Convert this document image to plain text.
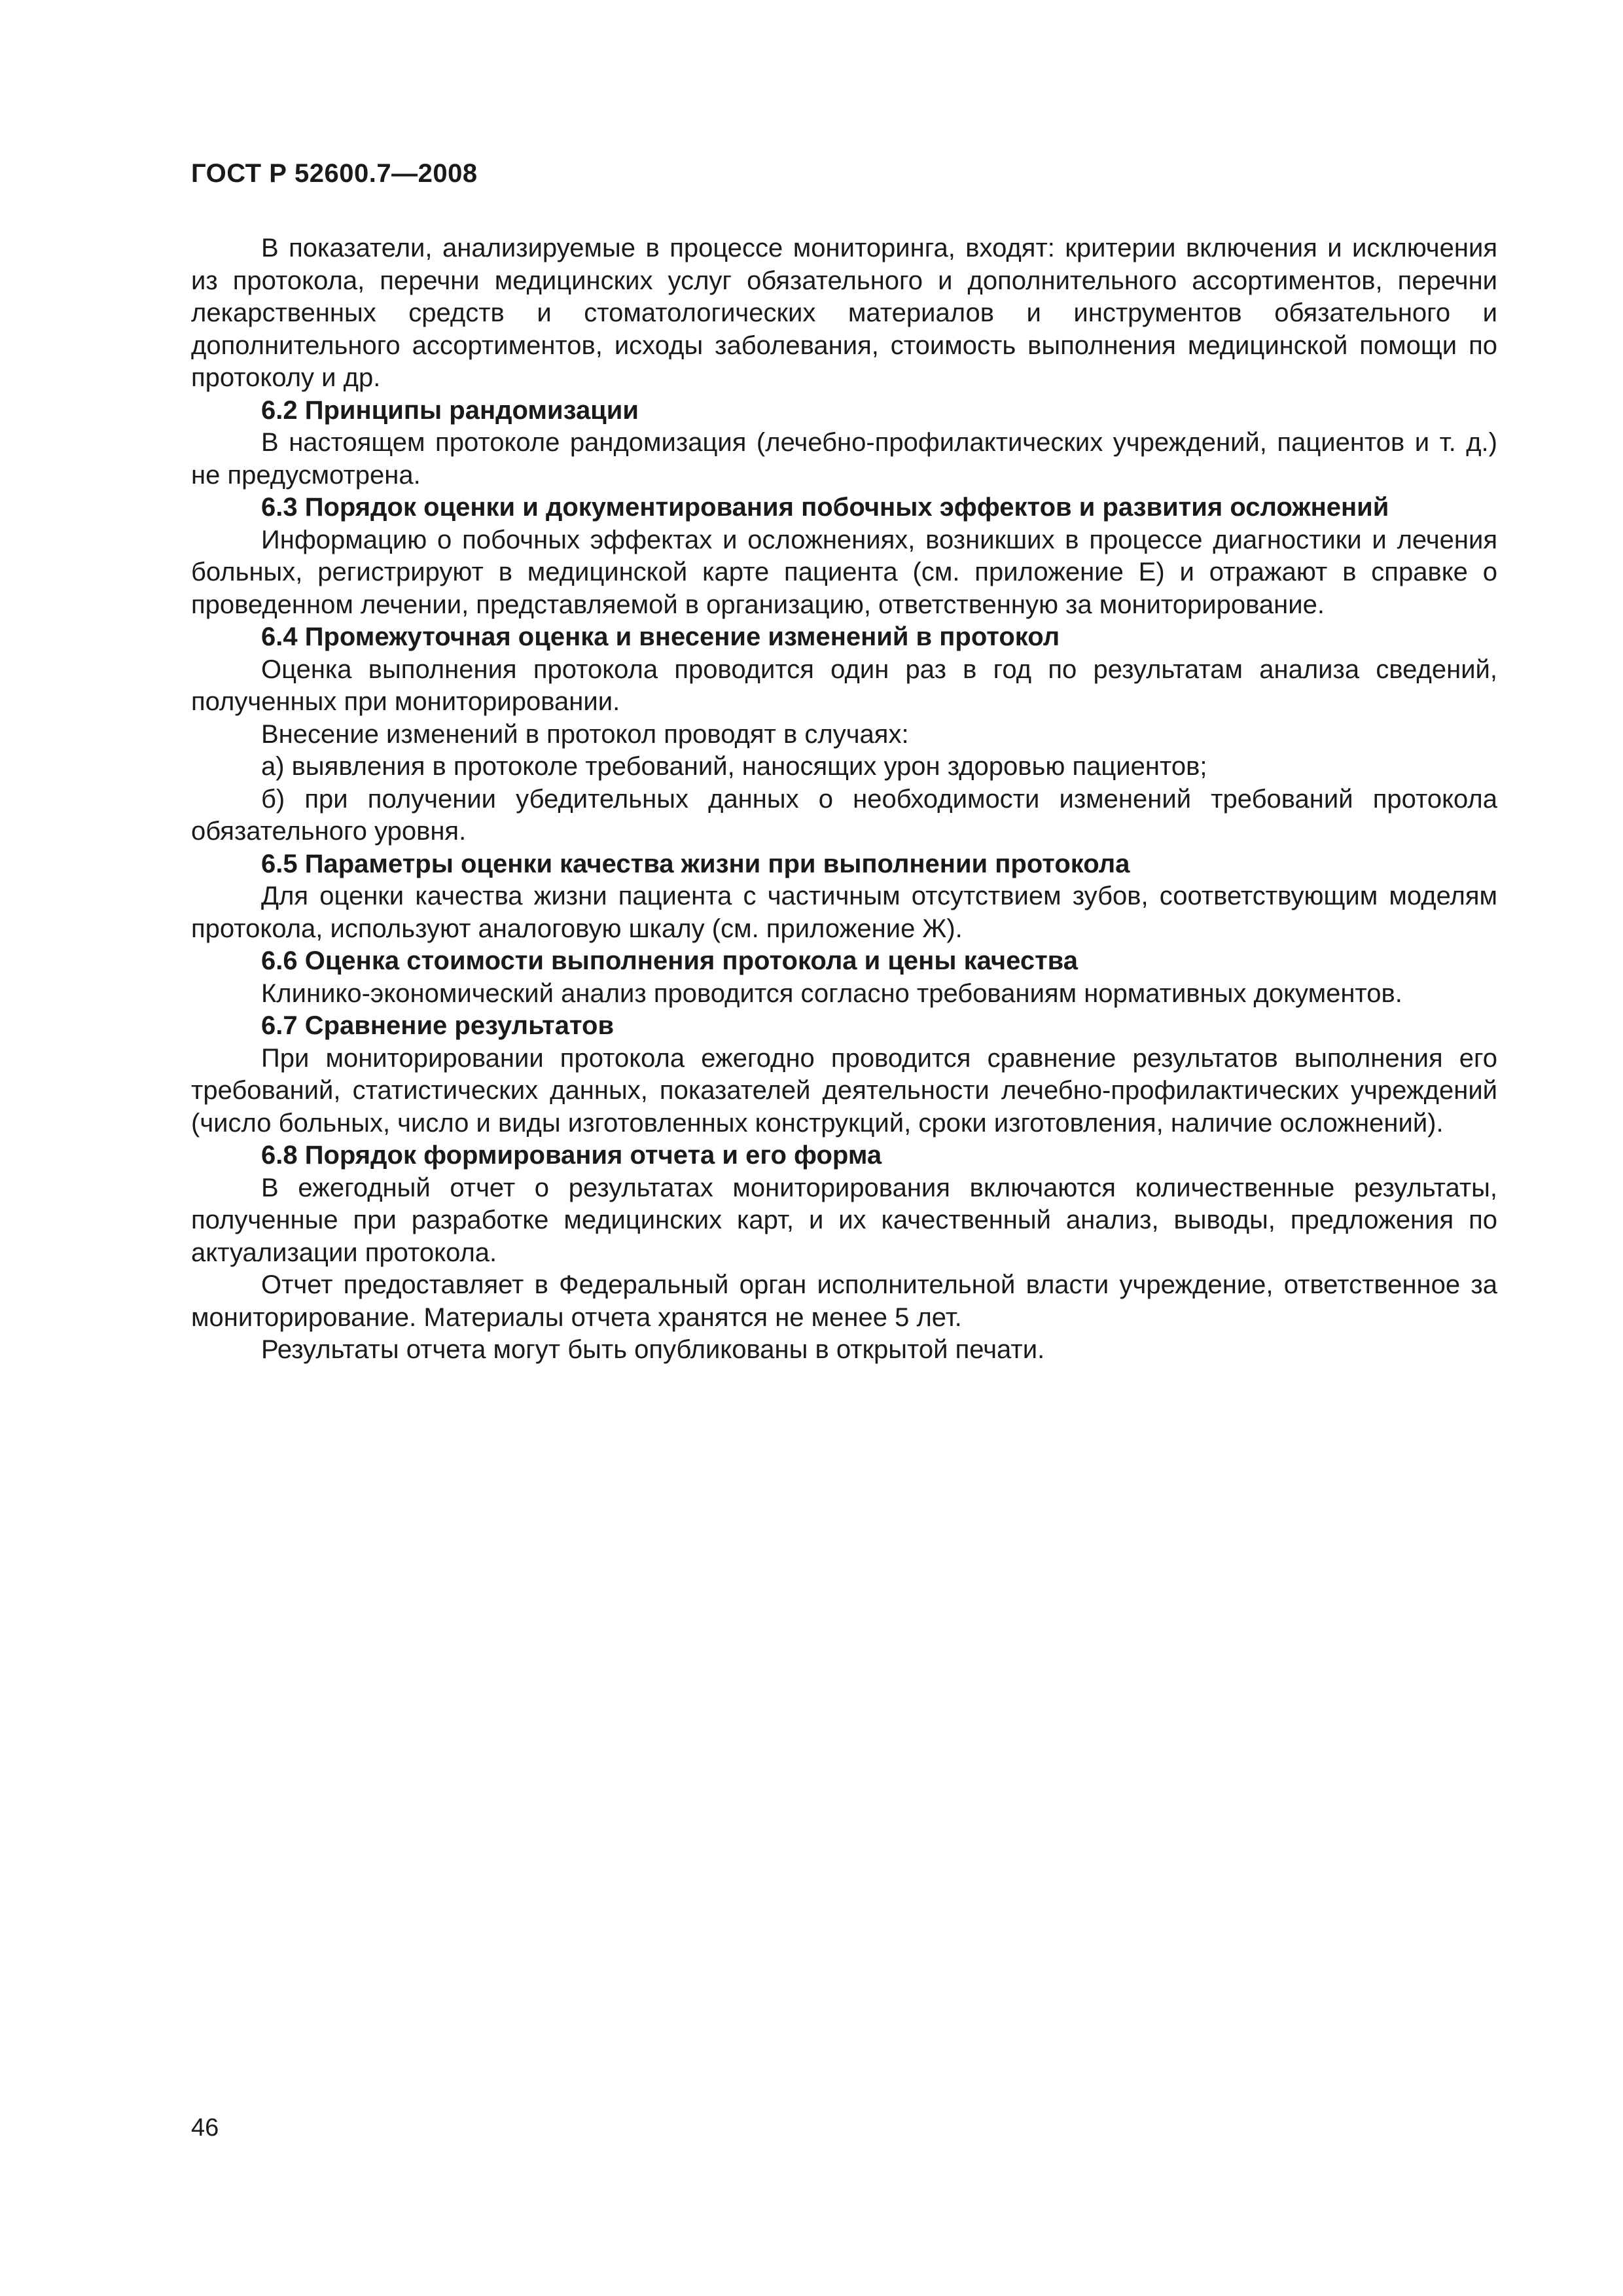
ГОСТ Р 52600.7—2008

В показатели, анализируемые в процессе мониторинга, входят: критерии включения и исключения из протокола, перечни медицинских услуг обязательного и дополнительного ассортиментов, перечни лекарственных средств и стоматологических материалов и инструментов обязательного и дополнительного ассортиментов, исходы заболевания, стоимость выполнения медицинской помощи по протоколу и др.

6.2 Принципы рандомизации

В настоящем протоколе рандомизация (лечебно-профилактических учреждений, пациентов и т. д.) не предусмотрена.

6.3 Порядок оценки и документирования побочных эффектов и развития осложнений

Информацию о побочных эффектах и осложнениях, возникших в процессе диагностики и лечения больных, регистрируют в медицинской карте пациента (см. приложение Е) и отражают в справке о проведенном лечении, представляемой в организацию, ответственную за мониторирование.

6.4 Промежуточная оценка и внесение изменений в протокол

Оценка выполнения протокола проводится один раз в год по результатам анализа сведений, полученных при мониторировании.

Внесение изменений в протокол проводят в случаях:

а) выявления в протоколе требований, наносящих урон здоровью пациентов;

б) при получении убедительных данных о необходимости изменений требований протокола обязательного уровня.

6.5 Параметры оценки качества жизни при выполнении протокола

Для оценки качества жизни пациента с частичным отсутствием зубов, соответствующим моделям протокола, используют аналоговую шкалу (см. приложение Ж).

6.6 Оценка стоимости выполнения протокола и цены качества

Клинико-экономический анализ проводится согласно требованиям нормативных документов.

6.7 Сравнение результатов

При мониторировании протокола ежегодно проводится сравнение результатов выполнения его требований, статистических данных, показателей деятельности лечебно-профилактических учреждений (число больных, число и виды изготовленных конструкций, сроки изготовления, наличие осложнений).

6.8 Порядок формирования отчета и его форма

В ежегодный отчет о результатах мониторирования включаются количественные результаты, полученные при разработке медицинских карт, и их качественный анализ, выводы, предложения по актуализации протокола.

Отчет предоставляет в Федеральный орган исполнительной власти учреждение, ответственное за мониторирование. Материалы отчета хранятся не менее 5 лет.

Результаты отчета могут быть опубликованы в открытой печати.

46
